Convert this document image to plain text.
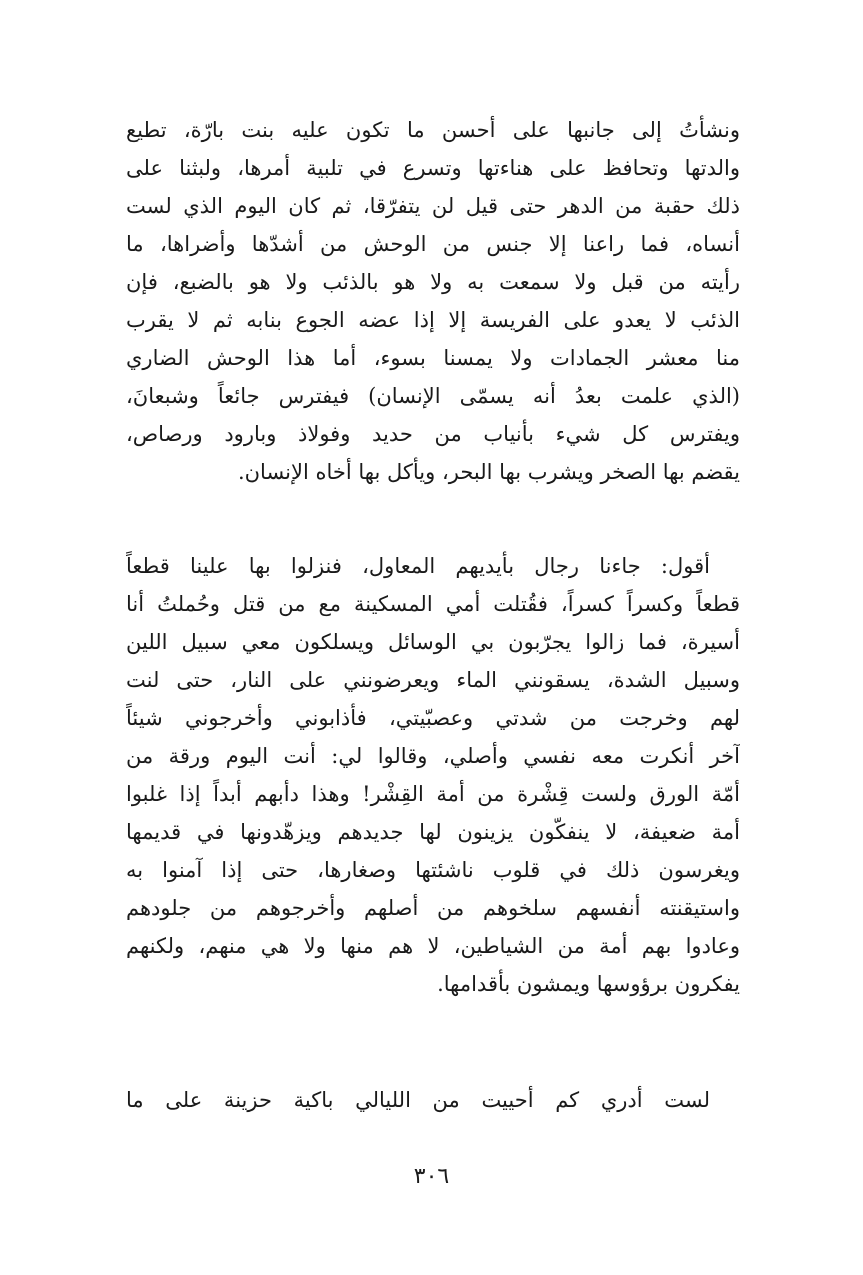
ونشأتُ إلى جانبها على أحسن ما تكون عليه بنت بارّة، تطيع
والدتها وتحافظ على هناءتها وتسرع في تلبية أمرها، ولبثنا على
ذلك حقبة من الدهر حتى قيل لن يتفرّقا، ثم كان اليوم الذي لست
أنساه، فما راعنا إلا جنس من الوحش من أشدّها وأضراها، ما
رأيته من قبل ولا سمعت به ولا هو بالذئب ولا هو بالضبع، فإن
الذئب لا يعدو على الفريسة إلا إذا عضه الجوع بنابه ثم لا يقرب
منا معشر الجمادات ولا يمسنا بسوء، أما هذا الوحش الضاري
(الذي علمت بعدُ أنه يسمّى الإنسان) فيفترس جائعاً وشبعانَ،
ويفترس كل شيء بأنياب من حديد وفولاذ وبارود ورصاص،
يقضم بها الصخر ويشرب بها البحر، ويأكل بها أخاه الإنسان.
أقول: جاءنا رجال بأيديهم المعاول، فنزلوا بها علينا قطعاً
قطعاً وكسراً كسراً، فقُتلت أمي المسكينة مع من قتل وحُملتُ أنا
أسيرة، فما زالوا يجرّبون بي الوسائل ويسلكون معي سبيل اللين
وسبيل الشدة، يسقونني الماء ويعرضونني على النار، حتى لنت
لهم وخرجت من شدتي وعصبّيتي، فأذابوني وأخرجوني شيئاً
آخر أنكرت معه نفسي وأصلي، وقالوا لي: أنت اليوم ورقة من
أمّة الورق ولست قِشْرة من أمة القِشْر! وهذا دأبهم أبداً إذا غلبوا
أمة ضعيفة، لا ينفكّون يزينون لها جديدهم ويزهّدونها في قديمها
ويغرسون ذلك في قلوب ناشئتها وصغارها، حتى إذا آمنوا به
واستيقنته أنفسهم سلخوهم من أصلهم وأخرجوهم من جلودهم
وعادوا بهم أمة من الشياطين، لا هم منها ولا هي منهم، ولكنهم
يفكرون برؤوسها ويمشون بأقدامها.
لست أدري كم أحييت من الليالي باكية حزينة على ما
٣٠٦
